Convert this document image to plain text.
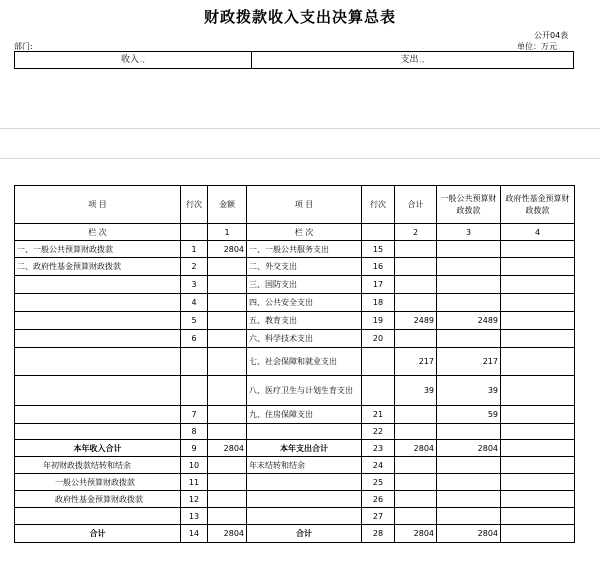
财政拨款收入支出决算总表
公开04表
部门:	单位：万元
收入.,	支出.,
项 目	行次	金额	项 目	行次	合计	一般公共预算财政拨款	政府性基金预算财政拨款
栏 次		1	栏 次		2	3	4
一、一般公共预算财政拨款	1	2804	一、一般公共服务支出	15			
二、政府性基金预算财政拨款	2		二、外交支出	16			
	3		三、国防支出	17			
	4		四、公共安全支出	18			
	5		五、教育支出	19	2489	2489	
	6		六、科学技术支出	20			
			七、社会保障和就业支出		217	217	
			八、医疗卫生与计划生育支出		39	39	
	7		九、住房保障支出	21		59	
	8			22			
本年收入合计	9	2804	本年支出合计	23	2804	2804	
年初财政拨款结转和结余	10		年末结转和结余	24			
一般公共预算财政拨款	11			25			
政府性基金预算财政拨款	12			26			
	13			27			
合计	14	2804	合计	28	2804	2804	
